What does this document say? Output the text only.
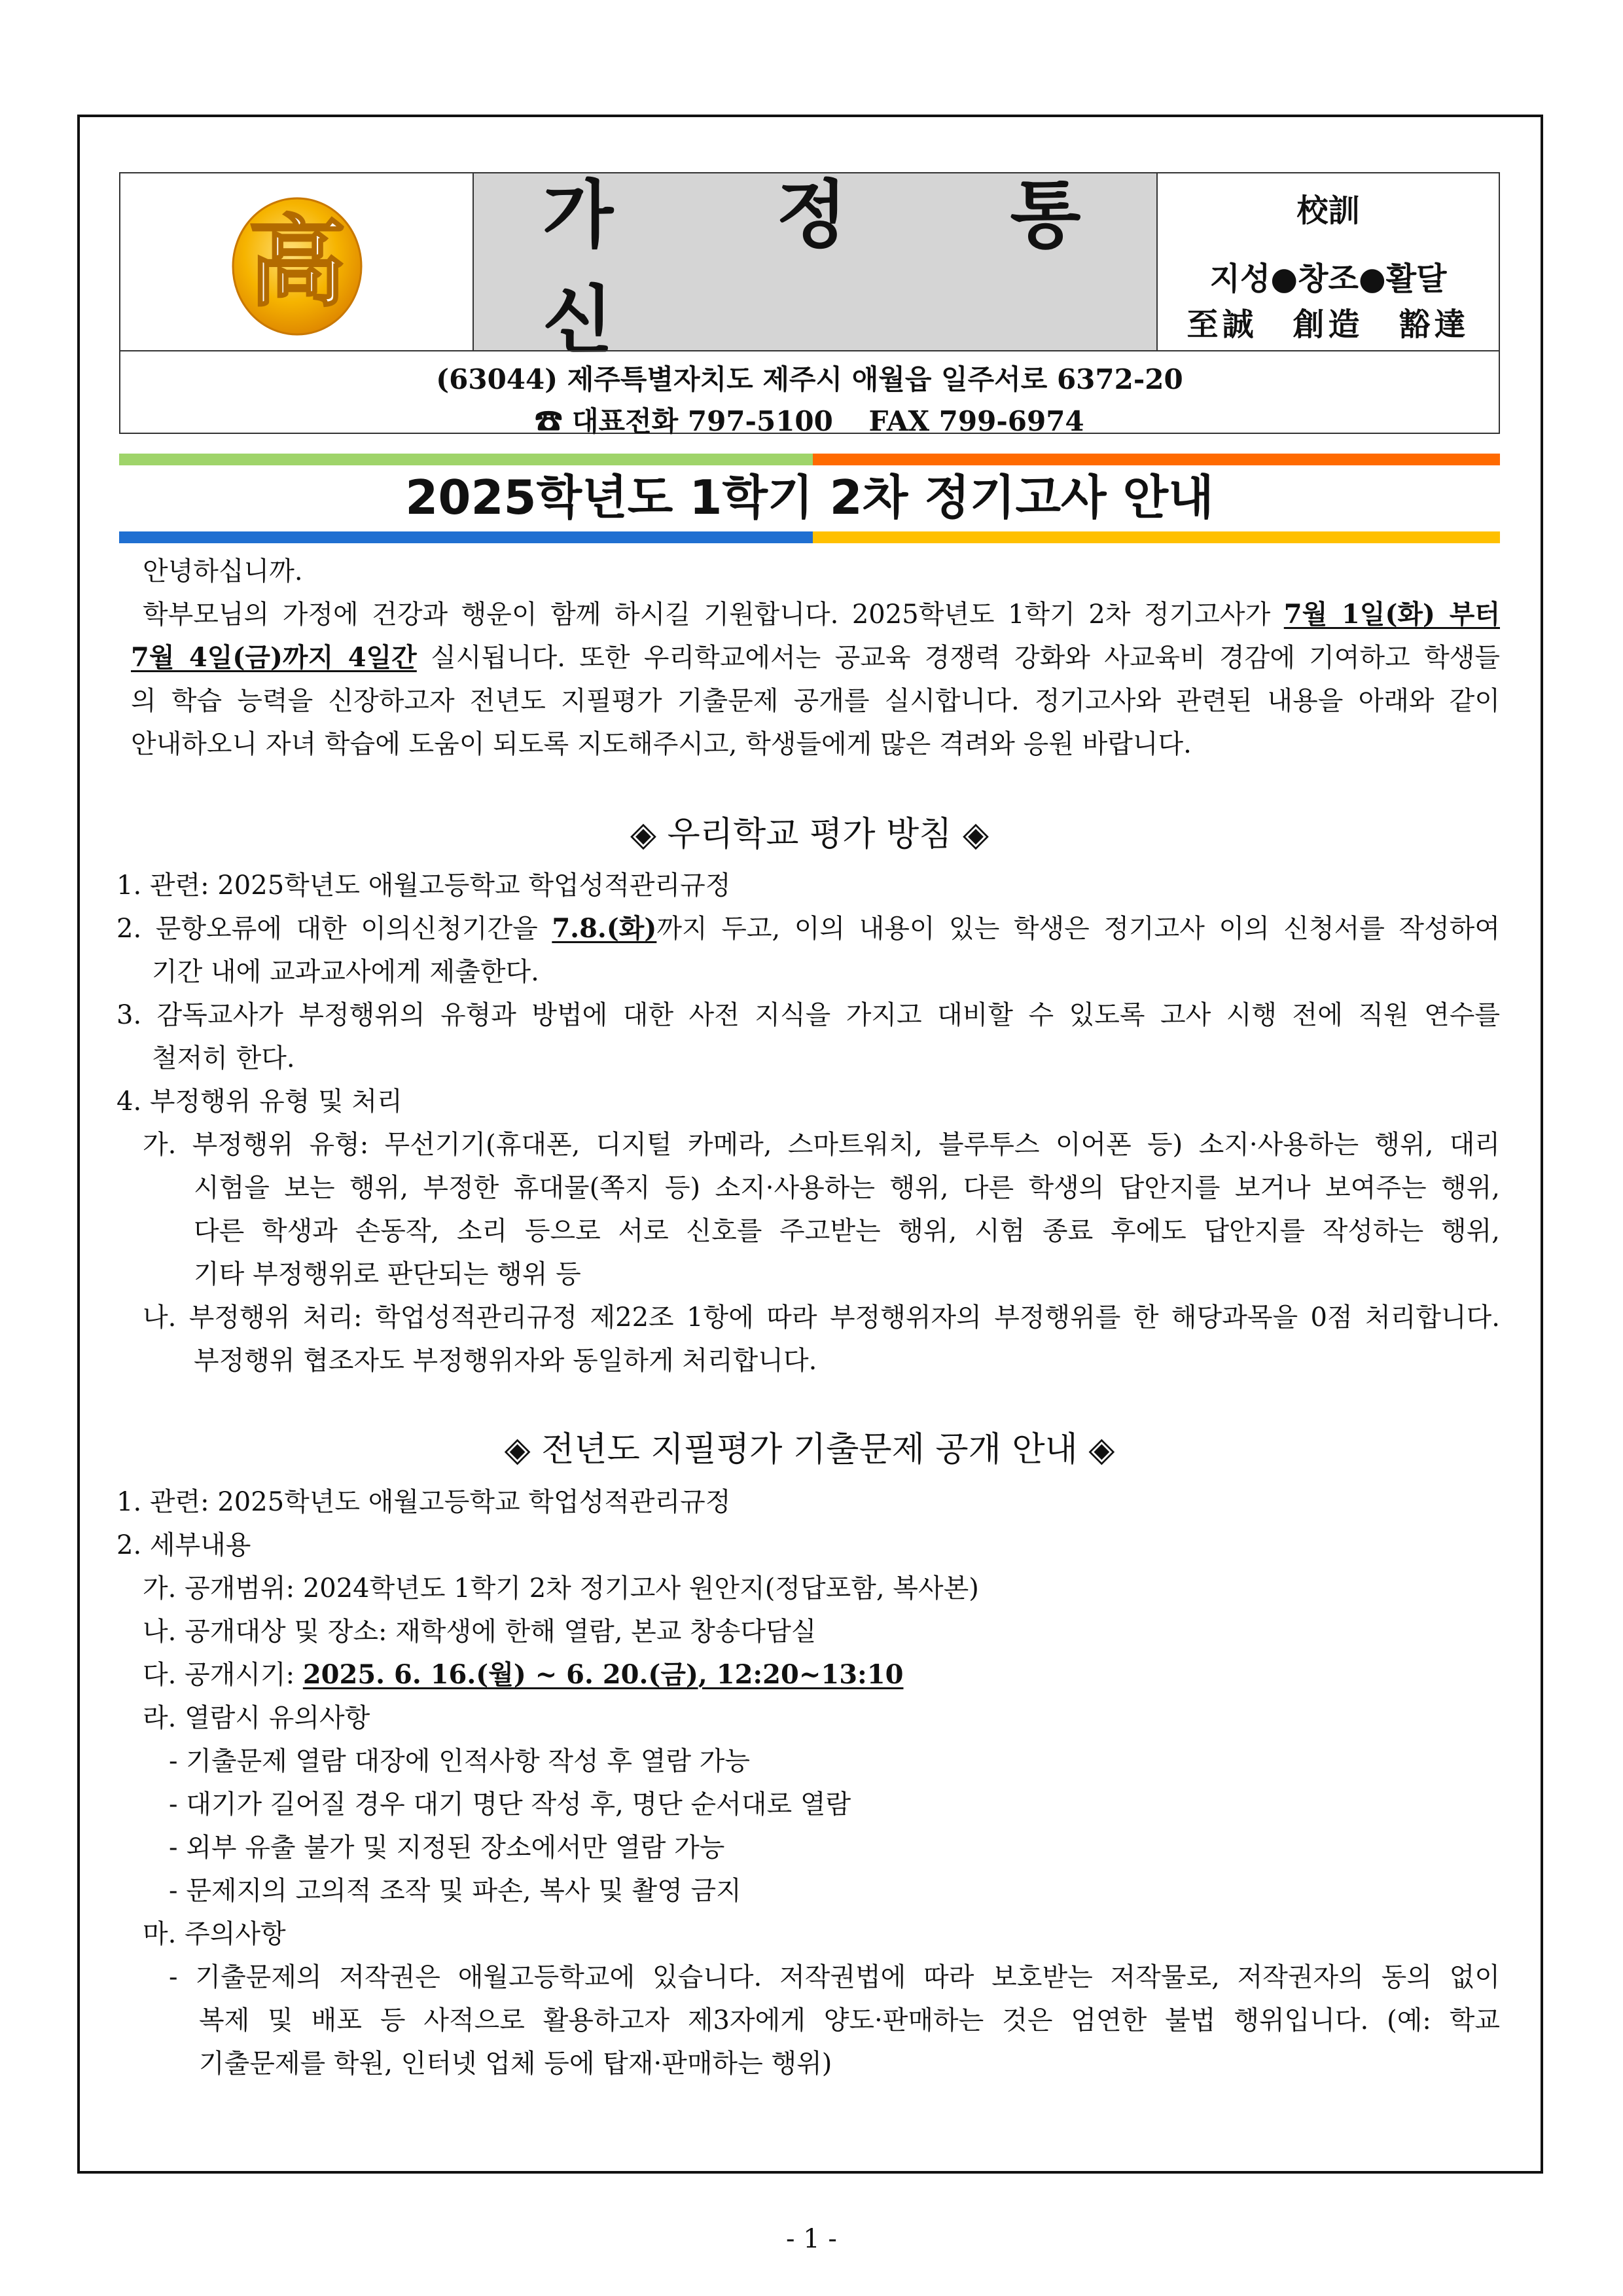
高	가 정 통 신
校訓
지성●창조●활달
至誠　創造　豁達
(63044) 제주특별자치도 제주시 애월읍 일주서로 6372-20
☎ 대표전화 797-5100 FAX 799-6974
2025학년도 1학기 2차 정기고사 안내
안녕하십니까.
학부모님의 가정에 건강과 행운이 함께 하시길 기원합니다. 2025학년도 1학기 2차 정기고사가 7월 1일(화) 부터
7월 4일(금)까지 4일간 실시됩니다. 또한 우리학교에서는 공교육 경쟁력 강화와 사교육비 경감에 기여하고 학생들
의 학습 능력을 신장하고자 전년도 지필평가 기출문제 공개를 실시합니다. 정기고사와 관련된 내용을 아래와 같이
안내하오니 자녀 학습에 도움이 되도록 지도해주시고, 학생들에게 많은 격려와 응원 바랍니다.
◈ 우리학교 평가 방침 ◈
1. 관련: 2025학년도 애월고등학교 학업성적관리규정
2. 문항오류에 대한 이의신청기간을 7.8.(화)까지 두고, 이의 내용이 있는 학생은 정기고사 이의 신청서를 작성하여
기간 내에 교과교사에게 제출한다.
3. 감독교사가 부정행위의 유형과 방법에 대한 사전 지식을 가지고 대비할 수 있도록 고사 시행 전에 직원 연수를
철저히 한다.
4. 부정행위 유형 및 처리
가. 부정행위 유형: 무선기기(휴대폰, 디지털 카메라, 스마트워치, 블루투스 이어폰 등) 소지·사용하는 행위, 대리
시험을 보는 행위, 부정한 휴대물(쪽지 등) 소지·사용하는 행위, 다른 학생의 답안지를 보거나 보여주는 행위,
다른 학생과 손동작, 소리 등으로 서로 신호를 주고받는 행위, 시험 종료 후에도 답안지를 작성하는 행위,
기타 부정행위로 판단되는 행위 등
나. 부정행위 처리: 학업성적관리규정 제22조 1항에 따라 부정행위자의 부정행위를 한 해당과목을 0점 처리합니다.
부정행위 협조자도 부정행위자와 동일하게 처리합니다.
◈ 전년도 지필평가 기출문제 공개 안내 ◈
1. 관련: 2025학년도 애월고등학교 학업성적관리규정
2. 세부내용
가. 공개범위: 2024학년도 1학기 2차 정기고사 원안지(정답포함, 복사본)
나. 공개대상 및 장소: 재학생에 한해 열람, 본교 창송다담실
다. 공개시기: 2025. 6. 16.(월) ~ 6. 20.(금), 12:20~13:10
라. 열람시 유의사항
- 기출문제 열람 대장에 인적사항 작성 후 열람 가능
- 대기가 길어질 경우 대기 명단 작성 후, 명단 순서대로 열람
- 외부 유출 불가 및 지정된 장소에서만 열람 가능
- 문제지의 고의적 조작 및 파손, 복사 및 촬영 금지
마. 주의사항
- 기출문제의 저작권은 애월고등학교에 있습니다. 저작권법에 따라 보호받는 저작물로, 저작권자의 동의 없이
복제 및 배포 등 사적으로 활용하고자 제3자에게 양도·판매하는 것은 엄연한 불법 행위입니다. (예: 학교
기출문제를 학원, 인터넷 업체 등에 탑재·판매하는 행위)
- 1 -
